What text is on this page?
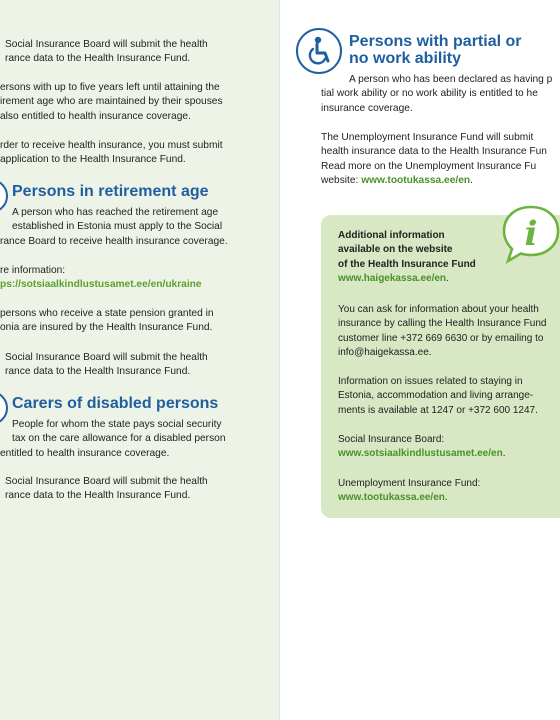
Social Insurance Board will submit the health
rance data to the Health Insurance Fund.

ersons with up to five years left until attaining the
irement age who are maintained by their spouses
also entitled to health insurance coverage.

rder to receive health insurance, you must submit
application to the Health Insurance Fund.

Persons in retirement age

A person who has reached the retirement age
established in Estonia must apply to the Social
rance Board to receive health insurance coverage.

re information:
ps://sotsiaalkindlustusamet.ee/en/ukraine

persons who receive a state pension granted in
onia are insured by the Health Insurance Fund.

Social Insurance Board will submit the health
rance data to the Health Insurance Fund.

Carers of disabled persons

People for whom the state pays social security
tax on the care allowance for a disabled person
entitled to health insurance coverage.

Social Insurance Board will submit the health
rance data to the Health Insurance Fund.

Persons with partial or
no work ability

A person who has been declared as having p
tial work ability or no work ability is entitled to he
insurance coverage.

The Unemployment Insurance Fund will submit
health insurance data to the Health Insurance Fun
Read more on the Unemployment Insurance Fu
website: www.tootukassa.ee/en.

Additional information
available on the website
of the Health Insurance Fund
www.haigekassa.ee/en.

You can ask for information about your health
insurance by calling the Health Insurance Fund
customer line +372 669 6630 or by emailing to
info@haigekassa.ee.

Information on issues related to staying in
Estonia, accommodation and living arrange-
ments is available at 1247 or +372 600 1247.

Social Insurance Board:
www.sotsiaalkindlustusamet.ee/en.

Unemployment Insurance Fund:
www.tootukassa.ee/en.

i
